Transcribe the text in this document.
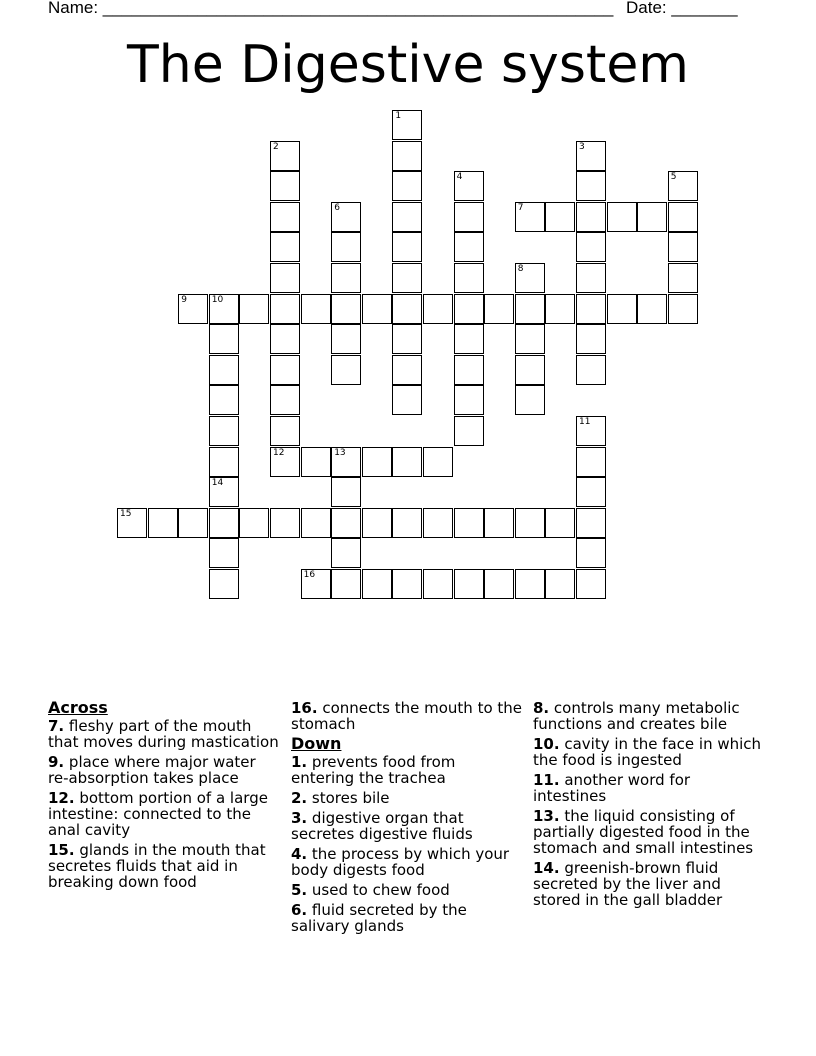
Name: ______________________________________________________ Date: _______
The Digestive system
1
2
12
3
4	5
6	7
8
9	10
11
13
14
15
16
Across
7. fleshy part of the mouth that moves during mastication
9. place where major water re-absorption takes place
12. bottom portion of a large intestine: connected to the anal cavity
15. glands in the mouth that secretes fluids that aid in breaking down food
16. connects the mouth to the stomach
Down
1. prevents food from entering the trachea
2. stores bile
3. digestive organ that secretes digestive fluids
4. the process by which your body digests food
5. used to chew food
6. fluid secreted by the salivary glands
8. controls many metabolic functions and creates bile
10. cavity in the face in which the food is ingested
11. another word for intestines
13. the liquid consisting of partially digested food in the stomach and small intestines
14. greenish-brown fluid secreted by the liver and stored in the gall bladder
